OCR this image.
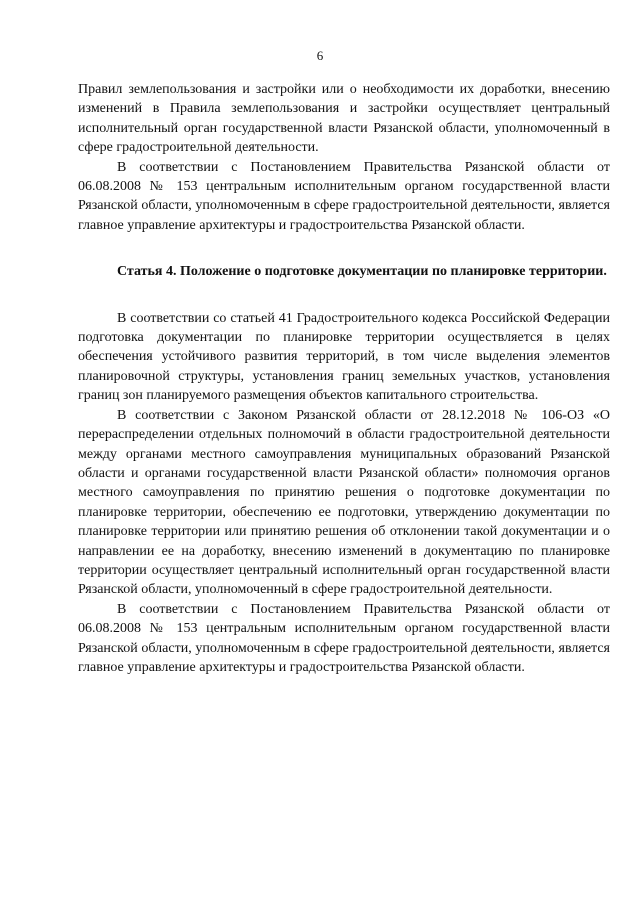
6

Правил землепользования и застройки или о необходимости их доработки, внесению изменений в Правила землепользования и застройки осуществляет центральный исполнительный орган государственной власти Рязанской области, уполномоченный в сфере градостроительной деятельности.

В соответствии с Постановлением Правительства Рязанской области от 06.08.2008 № 153 центральным исполнительным органом государственной власти Рязанской области, уполномоченным в сфере градостроительной деятельности, является главное управление архитектуры и градостроительства Рязанской области.

Статья 4. Положение о подготовке документации по планировке территории.

В соответствии со статьей 41 Градостроительного кодекса Российской Федерации подготовка документации по планировке территории осуществляется в целях обеспечения устойчивого развития территорий, в том числе выделения элементов планировочной структуры, установления границ земельных участков, установления границ зон планируемого размещения объектов капитального строительства.

В соответствии с Законом Рязанской области от 28.12.2018 № 106-ОЗ «О перераспределении отдельных полномочий в области градостроительной деятельности между органами местного самоуправления муниципальных образований Рязанской области и органами государственной власти Рязанской области» полномочия органов местного самоуправления по принятию решения о подготовке документации по планировке территории, обеспечению ее подготовки, утверждению документации по планировке территории или принятию решения об отклонении такой документации и о направлении ее на доработку, внесению изменений в документацию по планировке территории осуществляет центральный исполнительный орган государственной власти Рязанской области, уполномоченный в сфере градостроительной деятельности.

В соответствии с Постановлением Правительства Рязанской области от 06.08.2008 № 153 центральным исполнительным органом государственной власти Рязанской области, уполномоченным в сфере градостроительной деятельности, является главное управление архитектуры и градостроительства Рязанской области.
